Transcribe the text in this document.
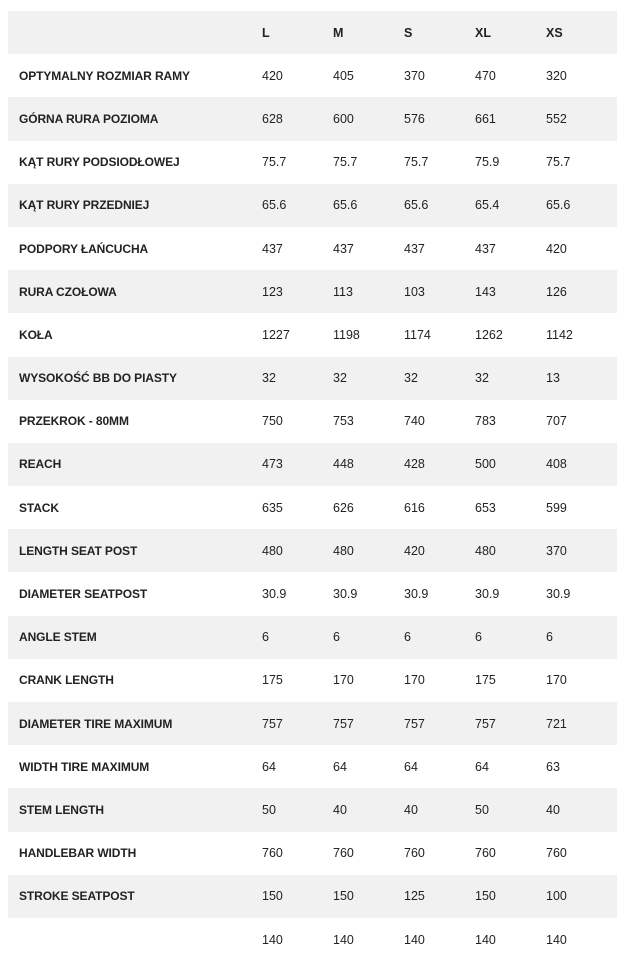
	L	M	S	XL	XS
OPTYMALNY ROZMIAR RAMY	420	405	370	470	320
GÓRNA RURA POZIOMA	628	600	576	661	552
KĄT RURY PODSIODŁOWEJ	75.7	75.7	75.7	75.9	75.7
KĄT RURY PRZEDNIEJ	65.6	65.6	65.6	65.4	65.6
PODPORY ŁAŃCUCHA	437	437	437	437	420
RURA CZOŁOWA	123	113	103	143	126
KOŁA	1227	1198	1174	1262	1142
WYSOKOŚĆ BB DO PIASTY	32	32	32	32	13
PRZEKROK - 80MM	750	753	740	783	707
REACH	473	448	428	500	408
STACK	635	626	616	653	599
LENGTH SEAT POST	480	480	420	480	370
DIAMETER SEATPOST	30.9	30.9	30.9	30.9	30.9
ANGLE STEM	6	6	6	6	6
CRANK LENGTH	175	170	170	175	170
DIAMETER TIRE MAXIMUM	757	757	757	757	721
WIDTH TIRE MAXIMUM	64	64	64	64	63
STEM LENGTH	50	40	40	50	40
HANDLEBAR WIDTH	760	760	760	760	760
STROKE SEATPOST	150	150	125	150	100
	140	140	140	140	140
